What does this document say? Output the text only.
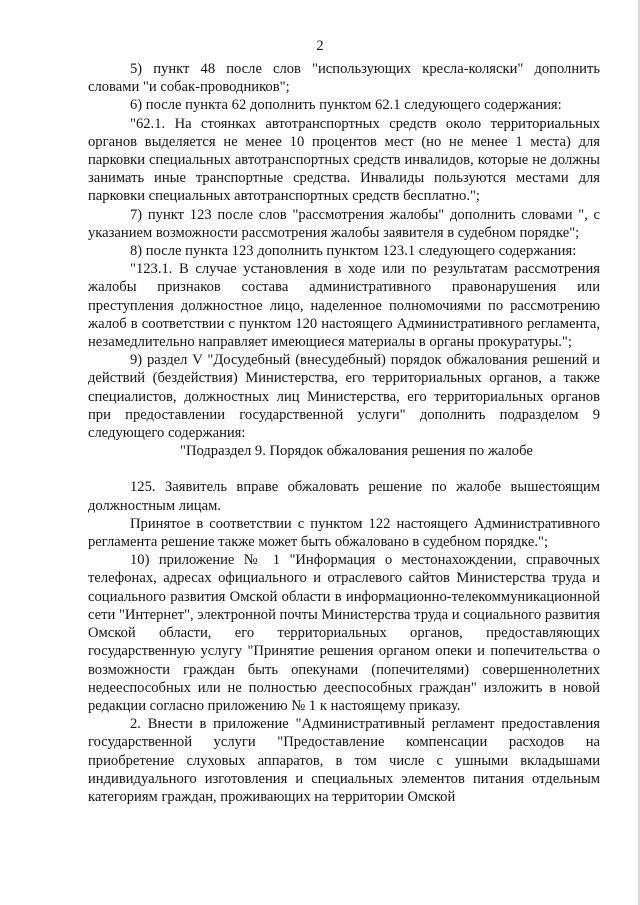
2

5) пункт 48 после слов "использующих кресла-коляски" дополнить словами "и собак-проводников";

6) после пункта 62 дополнить пунктом 62.1 следующего содержания:

"62.1. На стоянках автотранспортных средств около территориальных органов выделяется не менее 10 процентов мест (но не менее 1 места) для парковки специальных автотранспортных средств инвалидов, которые не должны занимать иные транспортные средства. Инвалиды пользуются местами для парковки специальных автотранспортных средств бесплатно.";

7) пункт 123 после слов "рассмотрения жалобы" дополнить словами ", с указанием возможности рассмотрения жалобы заявителя в судебном порядке";

8) после пункта 123 дополнить пунктом 123.1 следующего содержания:

"123.1. В случае установления в ходе или по результатам рассмотрения жалобы признаков состава административного правонарушения или преступления должностное лицо, наделенное полномочиями по рассмотрению жалоб в соответствии с пунктом 120 настоящего Административного регламента, незамедлительно направляет имеющиеся материалы в органы прокуратуры.";

9) раздел V "Досудебный (внесудебный) порядок обжалования решений и действий (бездействия) Министерства, его территориальных органов, а также специалистов, должностных лиц Министерства, его территориальных органов при предоставлении государственной услуги" дополнить подразделом 9 следующего содержания:

"Подраздел 9. Порядок обжалования решения по жалобе

125. Заявитель вправе обжаловать решение по жалобе вышестоящим должностным лицам.

Принятое в соответствии с пунктом 122 настоящего Административного регламента решение также может быть обжаловано в судебном порядке.";

10) приложение № 1 "Информация о местонахождении, справочных телефонах, адресах официального и отраслевого сайтов Министерства труда и социального развития Омской области в информационно-телекоммуникационной сети "Интернет", электронной почты Министерства труда и социального развития Омской области, его территориальных органов, предоставляющих государственную услугу "Принятие решения органом опеки и попечительства о возможности граждан быть опекунами (попечителями) совершеннолетних недееспособных или не полностью дееспособных граждан" изложить в новой редакции согласно приложению № 1 к настоящему приказу.

2. Внести в приложение "Административный регламент предоставления государственной услуги "Предоставление компенсации расходов на приобретение слуховых аппаратов, в том числе с ушными вкладышами индивидуального изготовления и специальных элементов питания отдельным категориям граждан, проживающих на территории Омской
